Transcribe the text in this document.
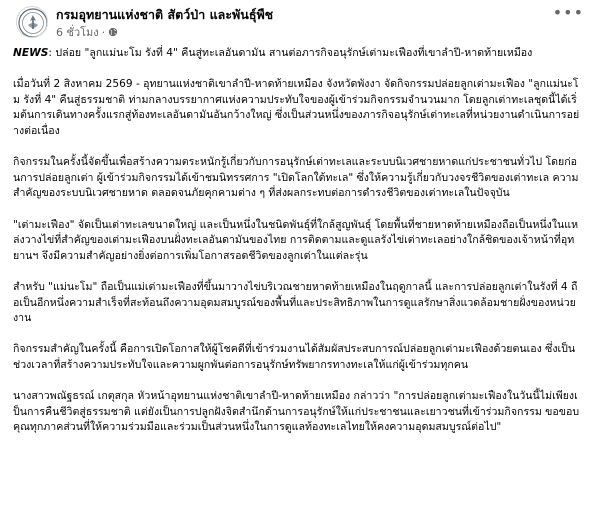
กรมอุทยานแห่งชาติ สัตว์ป่า และพันธุ์พืช
6 ชั่วโมง ·
•••
NEWS: ปล่อย "ลูกแม่นะโม รังที่ 4" คืนสู่ทะเลอันดามัน สานต่อภารกิจอนุรักษ์เต่ามะเฟืองที่เขาลำปี-หาดท้ายเหมือง
เมื่อวันที่ 2 สิงหาคม 2569 - อุทยานแห่งชาติเขาลำปี-หาดท้ายเหมือง จังหวัดพังงา จัดกิจกรรมปล่อยลูกเต่ามะเฟือง "ลูกแม่นะโม รังที่ 4" คืนสู่ธรรมชาติ ท่ามกลางบรรยากาศแห่งความประทับใจของผู้เข้าร่วมกิจกรรมจำนวนมาก โดยลูกเต่าทะเลชุดนี้ได้เริ่มต้นการเดินทางครั้งแรกสู่ท้องทะเลอันดามันอันกว้างใหญ่ ซึ่งเป็นส่วนหนึ่งของภารกิจอนุรักษ์เต่าทะเลที่หน่วยงานดำเนินการอย่างต่อเนื่อง
กิจกรรมในครั้งนี้จัดขึ้นเพื่อสร้างความตระหนักรู้เกี่ยวกับการอนุรักษ์เต่าทะเลและระบบนิเวศชายหาดแก่ประชาชนทั่วไป โดยก่อนการปล่อยลูกเต่า ผู้เข้าร่วมกิจกรรมได้เข้าชมนิทรรศการ "เปิดโลกใต้ทะเล" ซึ่งให้ความรู้เกี่ยวกับวงจรชีวิตของเต่าทะเล ความสำคัญของระบบนิเวศชายหาด ตลอดจนภัยคุกคามต่าง ๆ ที่ส่งผลกระทบต่อการดำรงชีวิตของเต่าทะเลในปัจจุบัน
"เต่ามะเฟือง" จัดเป็นเต่าทะเลขนาดใหญ่ และเป็นหนึ่งในชนิดพันธุ์ที่ใกล้สูญพันธุ์ โดยพื้นที่ชายหาดท้ายเหมืองถือเป็นหนึ่งในแหล่งวางไข่ที่สำคัญของเต่ามะเฟืองบนฝั่งทะเลอันดามันของไทย การติดตามและดูแลรังไข่เต่าทะเลอย่างใกล้ชิดของเจ้าหน้าที่อุทยานฯ จึงมีความสำคัญอย่างยิ่งต่อการเพิ่มโอกาสรอดชีวิตของลูกเต่าในแต่ละรุ่น
สำหรับ "แม่นะโม" ถือเป็นแม่เต่ามะเฟืองที่ขึ้นมาวางไข่บริเวณชายหาดท้ายเหมืองในฤดูกาลนี้ และการปล่อยลูกเต่าในรังที่ 4 ถือเป็นอีกหนึ่งความสำเร็จที่สะท้อนถึงความอุดมสมบูรณ์ของพื้นที่และประสิทธิภาพในการดูแลรักษาสิ่งแวดล้อมชายฝั่งของหน่วยงาน
กิจกรรมสำคัญในครั้งนี้ คือการเปิดโอกาสให้ผู้โชคดีที่เข้าร่วมงานได้สัมผัสประสบการณ์ปล่อยลูกเต่ามะเฟืองด้วยตนเอง ซึ่งเป็นช่วงเวลาที่สร้างความประทับใจและความผูกพันต่อการอนุรักษ์ทรัพยากรทางทะเลให้แก่ผู้เข้าร่วมทุกคน
นางสาวพณัฐธรณ์ เกตุสกุล หัวหน้าอุทยานแห่งชาติเขาลำปี-หาดท้ายเหมือง กล่าวว่า "การปล่อยลูกเต่ามะเฟืองในวันนี้ไม่เพียงเป็นการคืนชีวิตสู่ธรรมชาติ แต่ยังเป็นการปลูกฝังจิตสำนึกด้านการอนุรักษ์ให้แก่ประชาชนและเยาวชนที่เข้าร่วมกิจกรรม ขอขอบคุณทุกภาคส่วนที่ให้ความร่วมมือและร่วมเป็นส่วนหนึ่งในการดูแลท้องทะเลไทยให้คงความอุดมสมบูรณ์ต่อไป"
